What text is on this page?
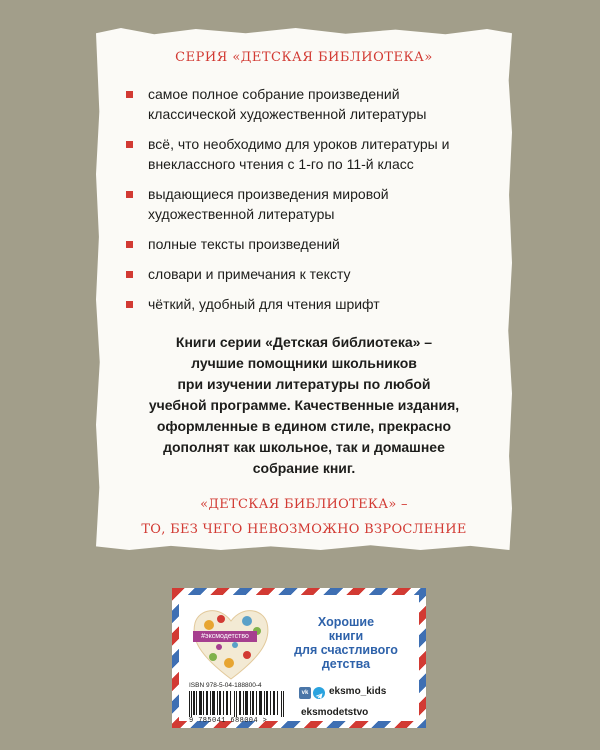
СЕРИЯ «ДЕТСКАЯ БИБЛИОТЕКА»
самое полное собрание произведений классической художественной литературы
всё, что необходимо для уроков литературы и внеклассного чтения с 1-го по 11-й класс
выдающиеся произведения мировой художественной литературы
полные тексты произведений
словари и примечания к тексту
чёткий, удобный для чтения шрифт
Книги серии «Детская библиотека» –
лучшие помощники школьников
при изучении литературы по любой
учебной программе. Качественные издания,
оформленные в едином стиле, прекрасно
дополнят как школьное, так и домашнее
собрание книг.
«ДЕТСКАЯ БИБЛИОТЕКА» –
ТО, БЕЗ ЧЕГО НЕВОЗМОЖНО ВЗРОСЛЕНИЕ
#эксмодетство
Хорошие
книги
для счастливого
детства
ISBN 978-5-04-188800-4
9 785041 688004 >
vk eksmo_kids
eksmodetstvo
